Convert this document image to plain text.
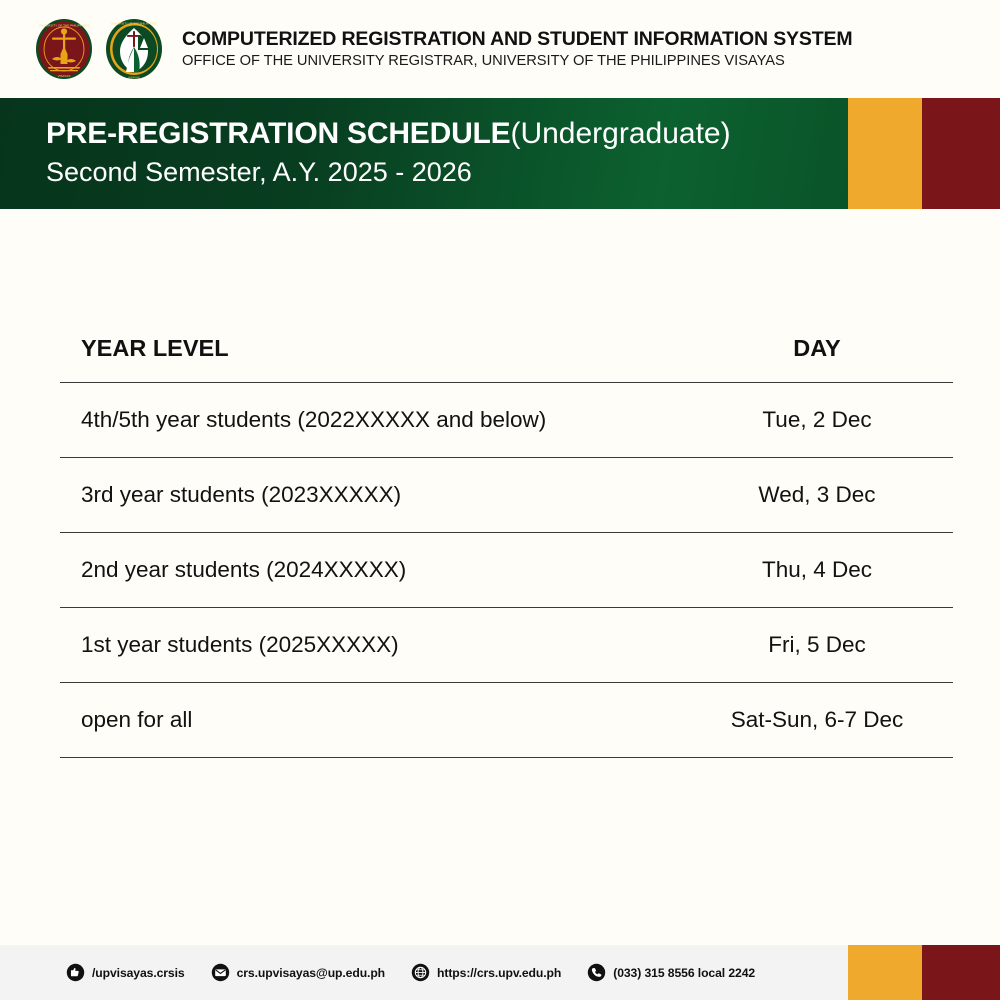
UNIVERSITY OF THE PHILIPPINES
VISAYAS
UNIVERSITY OF THE PHILIPPINES
VISAYAS
COMPUTERIZED REGISTRATION AND STUDENT INFORMATION SYSTEM
OFFICE OF THE UNIVERSITY REGISTRAR, UNIVERSITY OF THE PHILIPPINES VISAYAS
PRE-REGISTRATION SCHEDULE(Undergraduate)
Second Semester, A.Y. 2025 - 2026
YEAR LEVEL	DAY
4th/5th year students (2022XXXXX and below)	Tue, 2 Dec
3rd year students (2023XXXXX)	Wed, 3 Dec
2nd year students (2024XXXXX)	Thu, 4 Dec
1st year students (2025XXXXX)	Fri, 5 Dec
open for all	Sat-Sun, 6-7 Dec
/upvisayas.crsis	crs.upvisayas@up.edu.ph	https://crs.upv.edu.ph	(033) 315 8556 local 2242
